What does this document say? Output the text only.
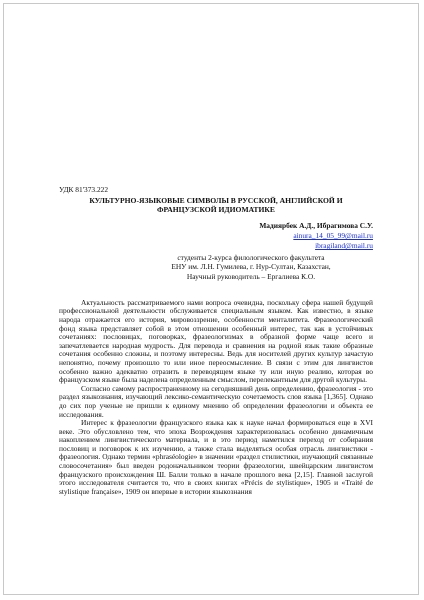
УДК 81'373.222
КУЛЬТУРНО-ЯЗЫКОВЫЕ СИМВОЛЫ В РУССКОЙ, АНГЛИЙСКОЙ И ФРАНЦУЗСКОЙ ИДИОМАТИКЕ
Мадиярбек А.Д., Ибрагимова С.У.
ainura_14_05_99@mail.ru
ibragiland@mail.ru
студенты 2-курса филологического факультета
ЕНУ им. Л.Н. Гумилева, г. Нур-Султан, Казахстан,
Научный руководитель – Ергалиева К.О.

Актуальность рассматриваемого нами вопроса очевидна, поскольку сфера нашей будущей профессиональной деятельности обслуживается специальным языком. Как известно, в языке народа отражается его история, мировоззрение, особенности менталитета. Фразеологический фонд языка представляет собой в этом отношении особенный интерес, так как в устойчивых сочетаниях: пословицах, поговорках, фразеологизмах в образной форме чаще всего и запечатлевается народная мудрость. Для перевода и сравнения на родной язык такие образные сочетания особенно сложны, и поэтому интересны. Ведь для носителей других культур зачастую непонятно, почему произошло то или иное переосмысление. В связи с этим для лингвистов особенно важно адекватно отразить в переводящем языке ту или иную реалию, которая во французском языке была наделена определенным смыслом, перелекантным для другой культуры.

Согласно самому распространенному на сегодняшний день определению, фразеология - это раздел языкознания, изучающий лексико-семантическую сочетаемость слов языка [1,365]. Однако до сих пор ученые не пришли к единому мнению об определении фразеологии и объекта ее исследования.

Интерес к фразеологии французского языка как к науке начал формироваться еще в XVI веке. Это обусловлено тем, что эпоха Возрождения характеризовалась особенно динамичным накоплением лингвистического материала, и в это период наметился переход от собирания пословиц и поговорок к их изучению, а также стала выделяться особая отрасль лингвистики - фразеология. Однако термин «phraséologie» в значении «раздел стилистики, изучающий связанные словосочетания» был введен родоначальником теории фразеологии, швейцарским лингвистом французского происхождения Ш. Балли только в начале прошлого века [2,15]. Главной заслугой этого исследователя считается то, что в своих книгах «Précis de stylistique», 1905 и «Traité de stylistique française», 1909 он впервые в истории языкознания
